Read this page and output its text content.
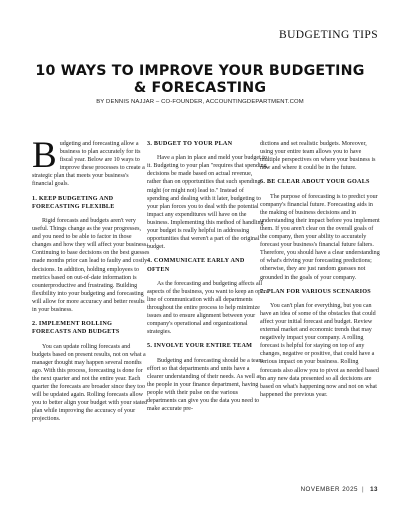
BUDGETING TIPS
10 WAYS TO IMPROVE YOUR BUDGETING
& FORECASTING
BY DENNIS NAJJAR – CO-FOUNDER, ACCOUNTINGDEPARTMENT.COM

Budgeting and forecasting allow a business to plan accurately for its fiscal year. Below are 10 ways to improve these processes to create a strategic plan that meets your business's financial goals.

1. KEEP BUDGETING AND FORECASTING FLEXIBLE

Rigid forecasts and budgets aren't very useful. Things change as the year progresses, and you need to be able to factor in those changes and how they will affect your business. Continuing to base decisions on the best guesses made months prior can lead to faulty and costly decisions. In addition, holding employees to metrics based on out-of-date information is counterproductive and frustrating. Building flexibility into your budgeting and forecasting will allow for more accuracy and better results in your business.

2. IMPLEMENT ROLLING FORECASTS AND BUDGETS

You can update rolling forecasts and budgets based on present results, not on what a manager thought may happen several months ago. With this process, forecasting is done for the next quarter and not the entire year. Each quarter the forecasts are broader since they too will be updated again. Rolling forecasts allow you to better align your budget with your stated plan while improving the accuracy of your projections.

3. BUDGET TO YOUR PLAN

Have a plan in place and meld your budget to it. Budgeting to your plan "requires that spending decisions be made based on actual revenue, rather than on opportunities that such spending might (or might not) lead to." Instead of spending and dealing with it later, budgeting to your plan forces you to deal with the potential impact any expenditures will have on the business. Implementing this method of handling your budget is really helpful in addressing opportunities that weren't a part of the original budget.

4. COMMUNICATE EARLY AND OFTEN

As the forecasting and budgeting affects all aspects of the business, you want to keep an open line of communication with all departments throughout the entire process to help minimize issues and to ensure alignment between your company's operational and organizational strategies.

5. INVOLVE YOUR ENTIRE TEAM

Budgeting and forecasting should be a team effort so that departments and units have a clearer understanding of their needs. As well as the people in your finance department, having people with their pulse on the various departments can give you the data you need to make accurate pre-

dictions and set realistic budgets. Moreover, using your entire team allows you to have multiple perspectives on where your business is now and where it could be in the future.

6. BE CLEAR ABOUT YOUR GOALS

The purpose of forecasting is to predict your company's financial future. Forecasting aids in the making of business decisions and in understanding their impact before you implement them. If you aren't clear on the overall goals of the company, then your ability to accurately forecast your business's financial future falters. Therefore, you should have a clear understanding of what's driving your forecasting predictions; otherwise, they are just random guesses not grounded in the goals of your company.

7. PLAN FOR VARIOUS SCENARIOS

You can't plan for everything, but you can have an idea of some of the obstacles that could affect your initial forecast and budget. Review external market and economic trends that may negatively impact your company. A rolling forecast is helpful for staying on top of any changes, negative or positive, that could have a serious impact on your business. Rolling forecasts also allow you to pivot as needed based on any new data presented so all decisions are based on what's happening now and not on what happened the previous year.

NOVEMBER 2025 | 13
